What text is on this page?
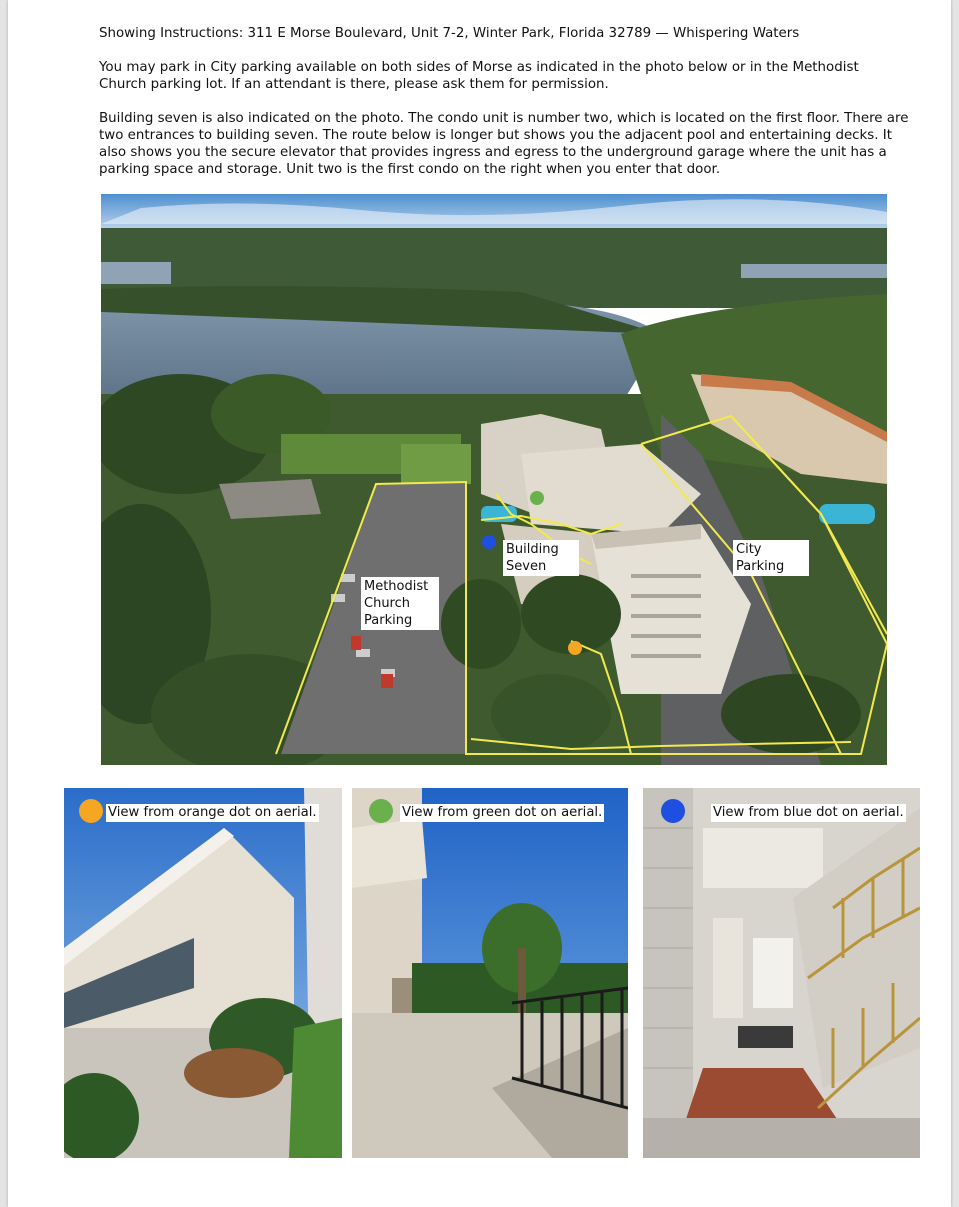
Showing Instructions: 311 E Morse Boulevard, Unit 7-2, Winter Park, Florida 32789 — Whispering Waters

You may park in City parking available on both sides of Morse as indicated in the photo below or in the Methodist Church parking lot. If an attendant is there, please ask them for permission.

Building seven is also indicated on the photo. The condo unit is number two, which is located on the first floor. There are two entrances to building seven. The route below is longer but shows you the adjacent pool and entertaining decks. It also shows you the secure elevator that provides ingress and egress to the underground garage where the unit has a parking space and storage. Unit two is the first condo on the right when you enter that door.

Building
Seven
City
Parking
Methodist
Church
Parking
View from orange dot on aerial.	View from green dot on aerial.	View from blue dot on aerial.
